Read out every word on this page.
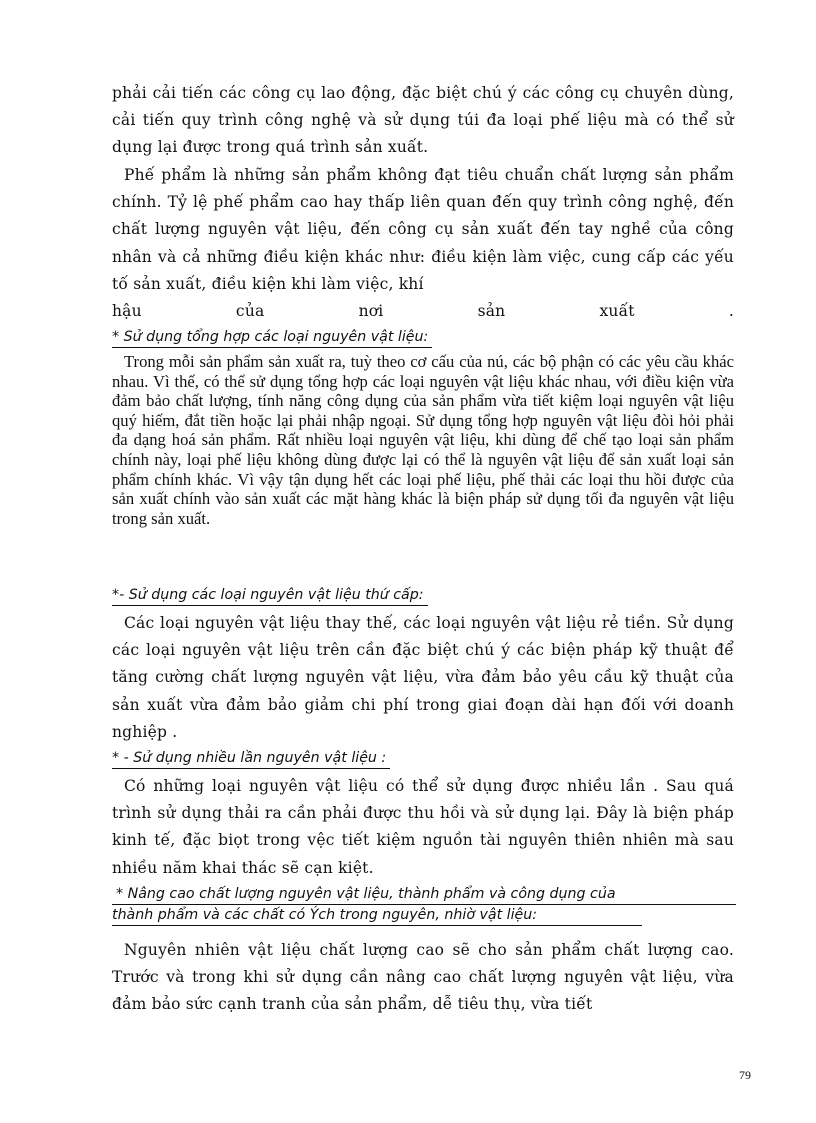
phải cải tiến các công cụ lao động, đặc biệt chú ý các công cụ chuyên dùng, cải tiến quy trình công nghệ và sử dụng túi đa loại phế liệu mà có thể sử dụng lại được trong quá trình sản xuất.

Phế phẩm là những sản phẩm không đạt tiêu chuẩn chất lượng sản phẩm chính. Tỷ lệ phế phẩm cao hay thấp liên quan đến quy trình công nghệ, đến chất lượng nguyên vật liệu, đến công cụ sản xuất đến tay nghề của công nhân và cả những điều kiện khác như: điều kiện làm việc, cung cấp các yếu tố sản xuất, điều kiện khi làm việc, khí

hậu của nơi sản xuất .

* Sử dụng tổng hợp các loại nguyên vật liệu:

Trong mỗi sản phẩm sản xuất ra, tuỳ theo cơ cấu của nú, các bộ phận có các yêu cầu khác nhau. Vì thế, có thể sử dụng tổng hợp các loại nguyên vật liệu khác nhau, với điều kiện vừa đảm bảo chất lượng, tính năng công dụng của sản phẩm vừa tiết kiệm loại nguyên vật liệu quý hiếm, đắt tiền hoặc lại phải nhập ngoại. Sử dụng tổng hợp nguyên vật liệu đòi hỏi phải đa dạng hoá sản phẩm. Rất nhiều loại nguyên vật liệu, khi dùng để chế tạo loại sản phẩm chính này, loại phế liệu không dùng được lại có thể là nguyên vật liệu để sản xuất loại sản phẩm chính khác. Vì vậy tận dụng hết các loại phế liệu, phế thải các loại thu hồi được của sản xuất chính vào sản xuất các mặt hàng khác là biện pháp sử dụng tối đa nguyên vật liệu trong sản xuất.

*- Sử dụng các loại nguyên vật liệu thứ cấp:

Các loại nguyên vật liệu thay thế, các loại nguyên vật liệu rẻ tiền. Sử dụng các loại nguyên vật liệu trên cần đặc biệt chú ý các biện pháp kỹ thuật để tăng cường chất lượng nguyên vật liệu, vừa đảm bảo yêu cầu kỹ thuật của sản xuất vừa đảm bảo giảm chi phí trong giai đoạn dài hạn đối với doanh nghiệp .

* - Sử dụng nhiều lần nguyên vật liệu :

Có những loại nguyên vật liệu có thể sử dụng được nhiều lần . Sau quá trình sử dụng thải ra cần phải được thu hồi và sử dụng lại. Đây là biện pháp kinh tế, đặc biọt trong vệc tiết kiệm nguồn tài nguyên thiên nhiên mà sau nhiều năm khai thác sẽ cạn kiệt.

* Nâng cao chất lượng nguyên vật liệu, thành phẩm và công dụng của
thành phẩm và các chất có Ých trong nguyên, nhiờ vật liệu:

Nguyên nhiên vật liệu chất lượng cao sẽ cho sản phẩm chất lượng cao. Trước và trong khi sử dụng cần nâng cao chất lượng nguyên vật liệu, vừa đảm bảo sức cạnh tranh của sản phẩm, dễ tiêu thụ, vừa tiết

79
